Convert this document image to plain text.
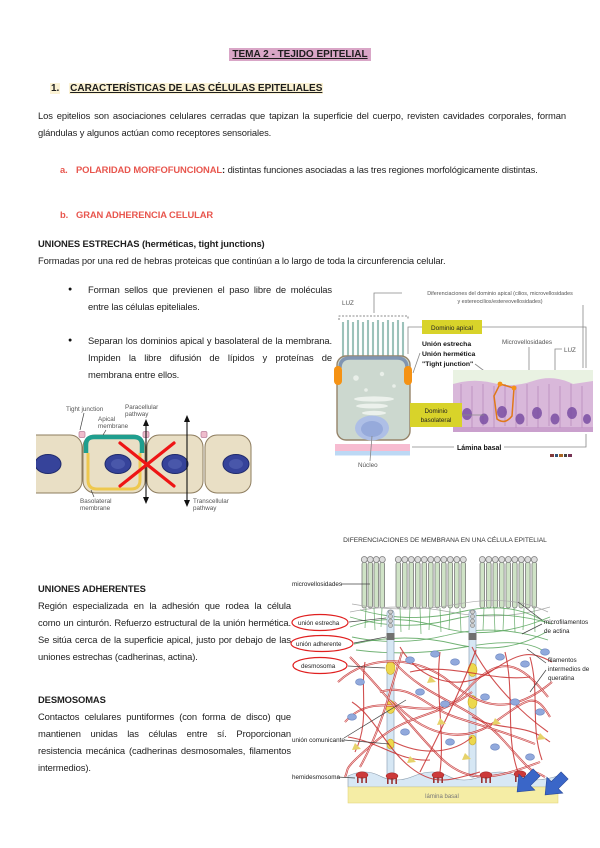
TEMA 2 - TEJIDO EPITELIAL
1. CARACTERÍSTICAS DE LAS CÉLULAS EPITELIALES
Los epitelios son asociaciones celulares cerradas que tapizan la superficie del cuerpo, revisten cavidades corporales, forman glándulas y algunos actúan como receptores sensoriales.
a. POLARIDAD MORFOFUNCIONAL: distintas funciones asociadas a las tres regiones morfológicamente distintas.
b. GRAN ADHERENCIA CELULAR
UNIONES ESTRECHAS (herméticas, tight junctions)
Formadas por una red de hebras proteicas que continúan a lo largo de toda la circunferencia celular.
●	Forman sellos que previenen el paso libre de moléculas entre las células epiteliales.
●	Separan los dominios apical y basolateral de la membrana. Impiden la libre difusión de lípidos y proteínas de membrana entre ellos.
Diferenciaciones del dominio apical (cilios, microvellosidades
y estereocilios/estereovellosidades)
LUZ
Dominio apical
Unión estrecha
Unión hermética
"Tight junction"
Microvellosidades
LUZ
Dominio
basolateral
Lámina basal
Núcleo
Tight junction
Apical
membrane
Paracellular
pathway
Basolateral
membrane
Transcellular
pathway
UNIONES ADHERENTES
Región especializada en la adhesión que rodea la célula como un cinturón. Refuerzo estructural de la unión hermética. Se sitúa cerca de la superficie apical, justo por debajo de las uniones estrechas (cadherinas, actina).
DESMOSOMAS
Contactos celulares puntiformes (con forma de disco) que mantienen unidas las células entre sí. Proporcionan resistencia mecánica (cadherinas desmosomales, filamentos intermedios).
DIFERENCIACIONES DE MEMBRANA EN UNA CÉLULA EPITELIAL
lámina basal
microvellosidades
unión estrecha
unión adherente
desmosoma
unión comunicante
hemidesmosoma
microfilamentos
de actina
filamentos
intermedios de
queratina
